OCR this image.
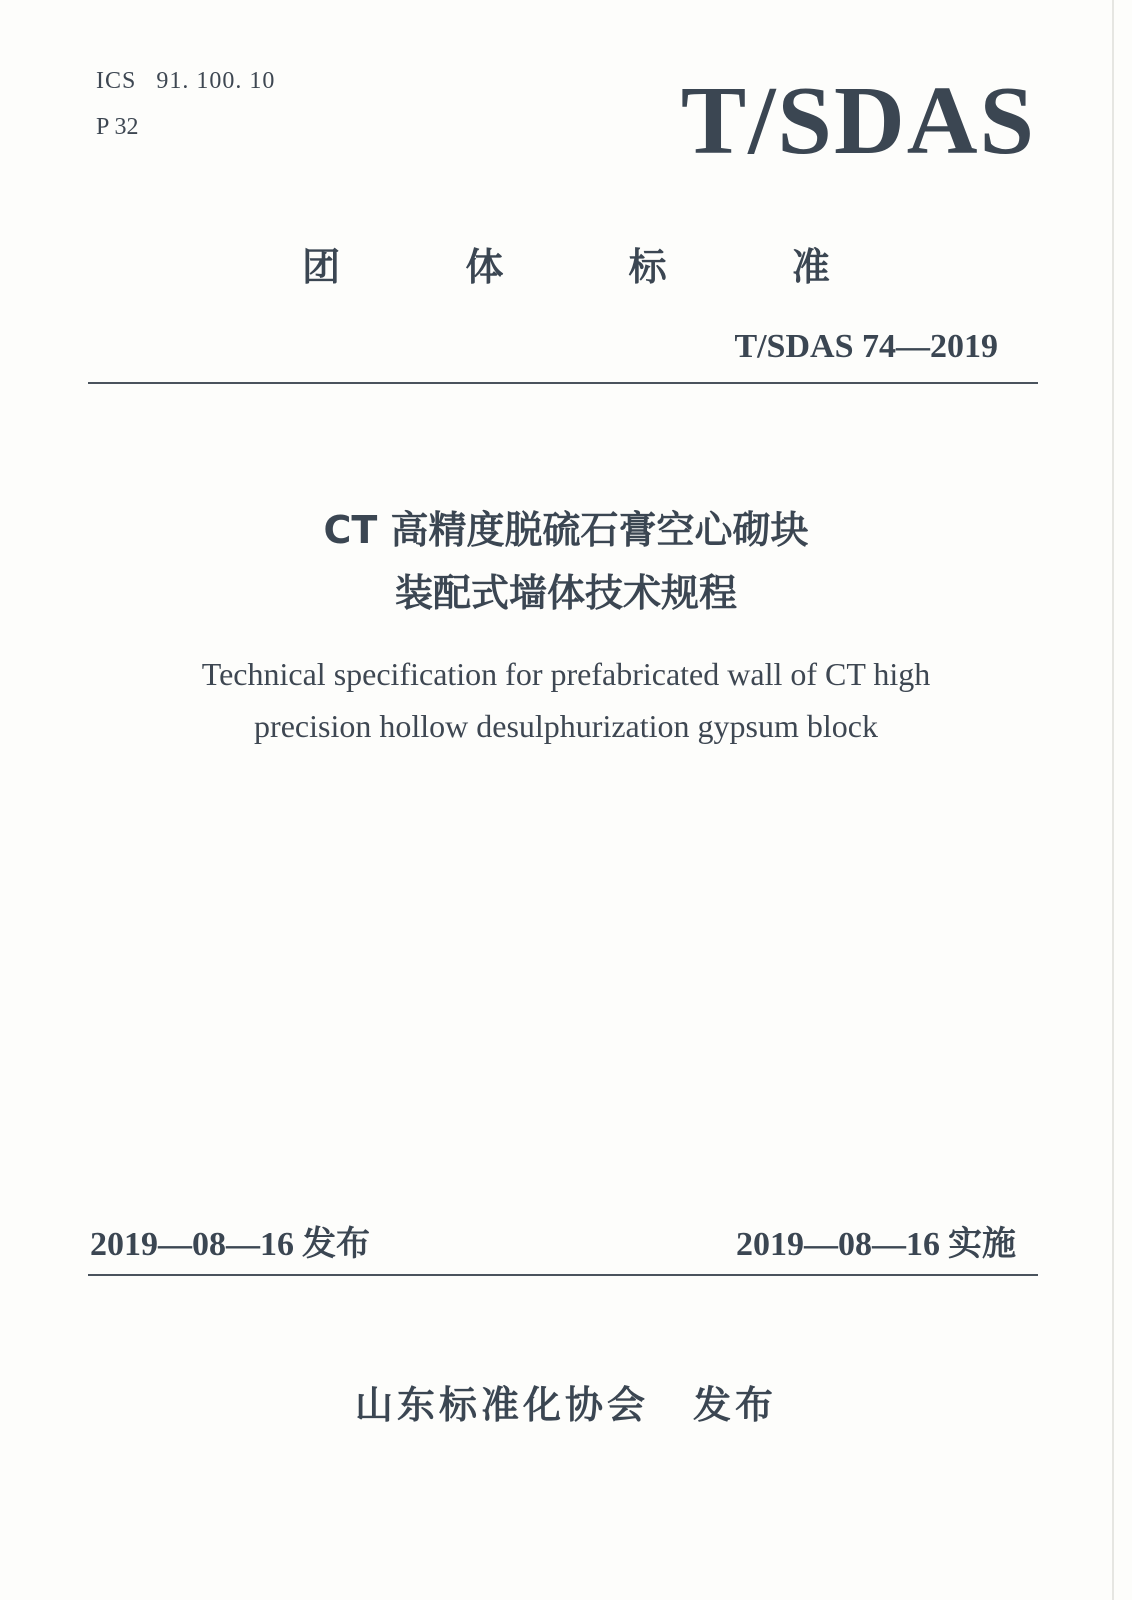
ICS 91. 100. 10
P 32	T/SDAS
团 体 标 准
T/SDAS 74—2019
CT 高精度脱硫石膏空心砌块
装配式墙体技术规程
Technical specification for prefabricated wall of CT high
precision hollow desulphurization gypsum block
2019—08—16 发布	2019—08—16 实施
山东标准化协会 发布
